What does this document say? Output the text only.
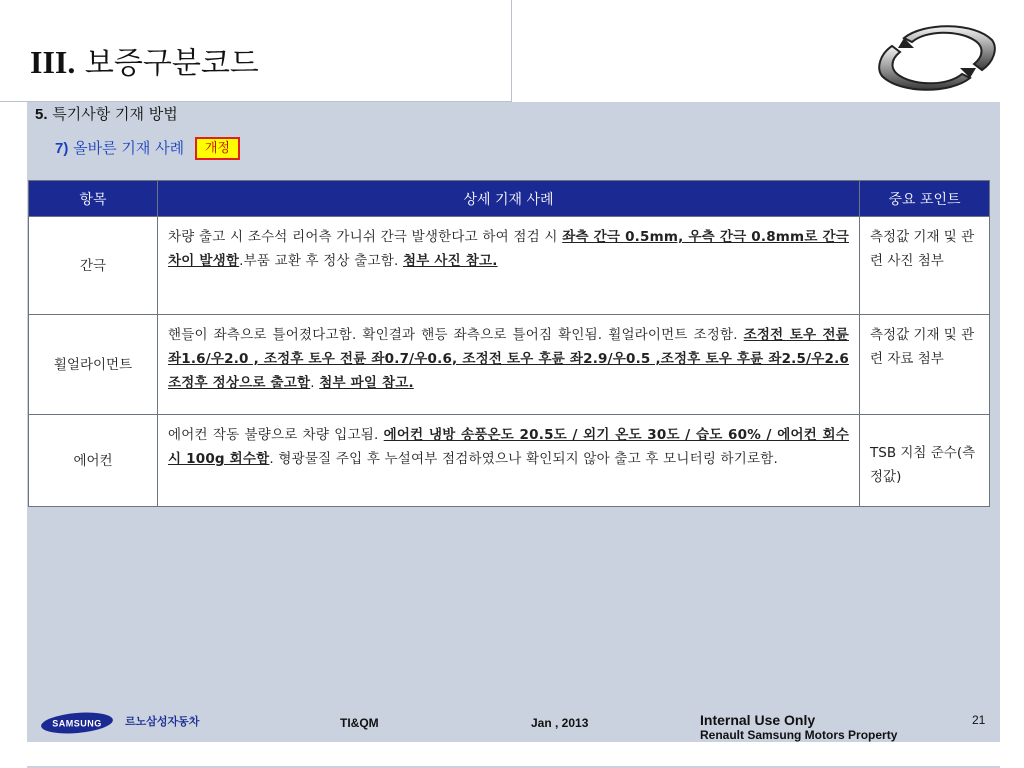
III. 보증구분코드
5. 특기사항 기재 방법
7) 올바른 기재 사례 개정
항목	상세 기재 사례	중요 포인트
간극	차량 출고 시 조수석 리어측 가니쉬 간극 발생한다고 하여 점검 시 좌측 간극 0.5mm, 우측 간극 0.8mm로 간극차이 발생함.부품 교환 후 정상 출고함. 첨부 사진 참고.	측정값 기재 및 관련 사진 첨부
휠얼라이먼트	핸들이 좌측으로 틀어졌다고함. 확인결과 핸등 좌측으로 틀어짐 확인됨. 휠얼라이먼트 조정함. 조정전 토우 전륜 좌1.6/우2.0 , 조정후 토우 전륜 좌0.7/우0.6, 조정전 토우 후륜 좌2.9/우0.5 ,조정후 토우 후륜 좌2.5/우2.6 조정후 정상으로 출고함. 첨부 파일 참고.	측정값 기재 및 관련 자료 첨부
에어컨	에어컨 작동 불량으로 차량 입고됨. 에어컨 냉방 송풍온도 20.5도 / 외기 온도 30도 / 습도 60% / 에어컨 회수시 100g 회수함. 형광물질 주입 후 누설여부 점검하였으나 확인되지 않아 출고 후 모니터링 하기로함.	TSB 지침 준수(측정값)
SAMSUNG 르노삼성자동차	TI&QM	Jan , 2013	Internal Use Only
Renault Samsung Motors Property
21
